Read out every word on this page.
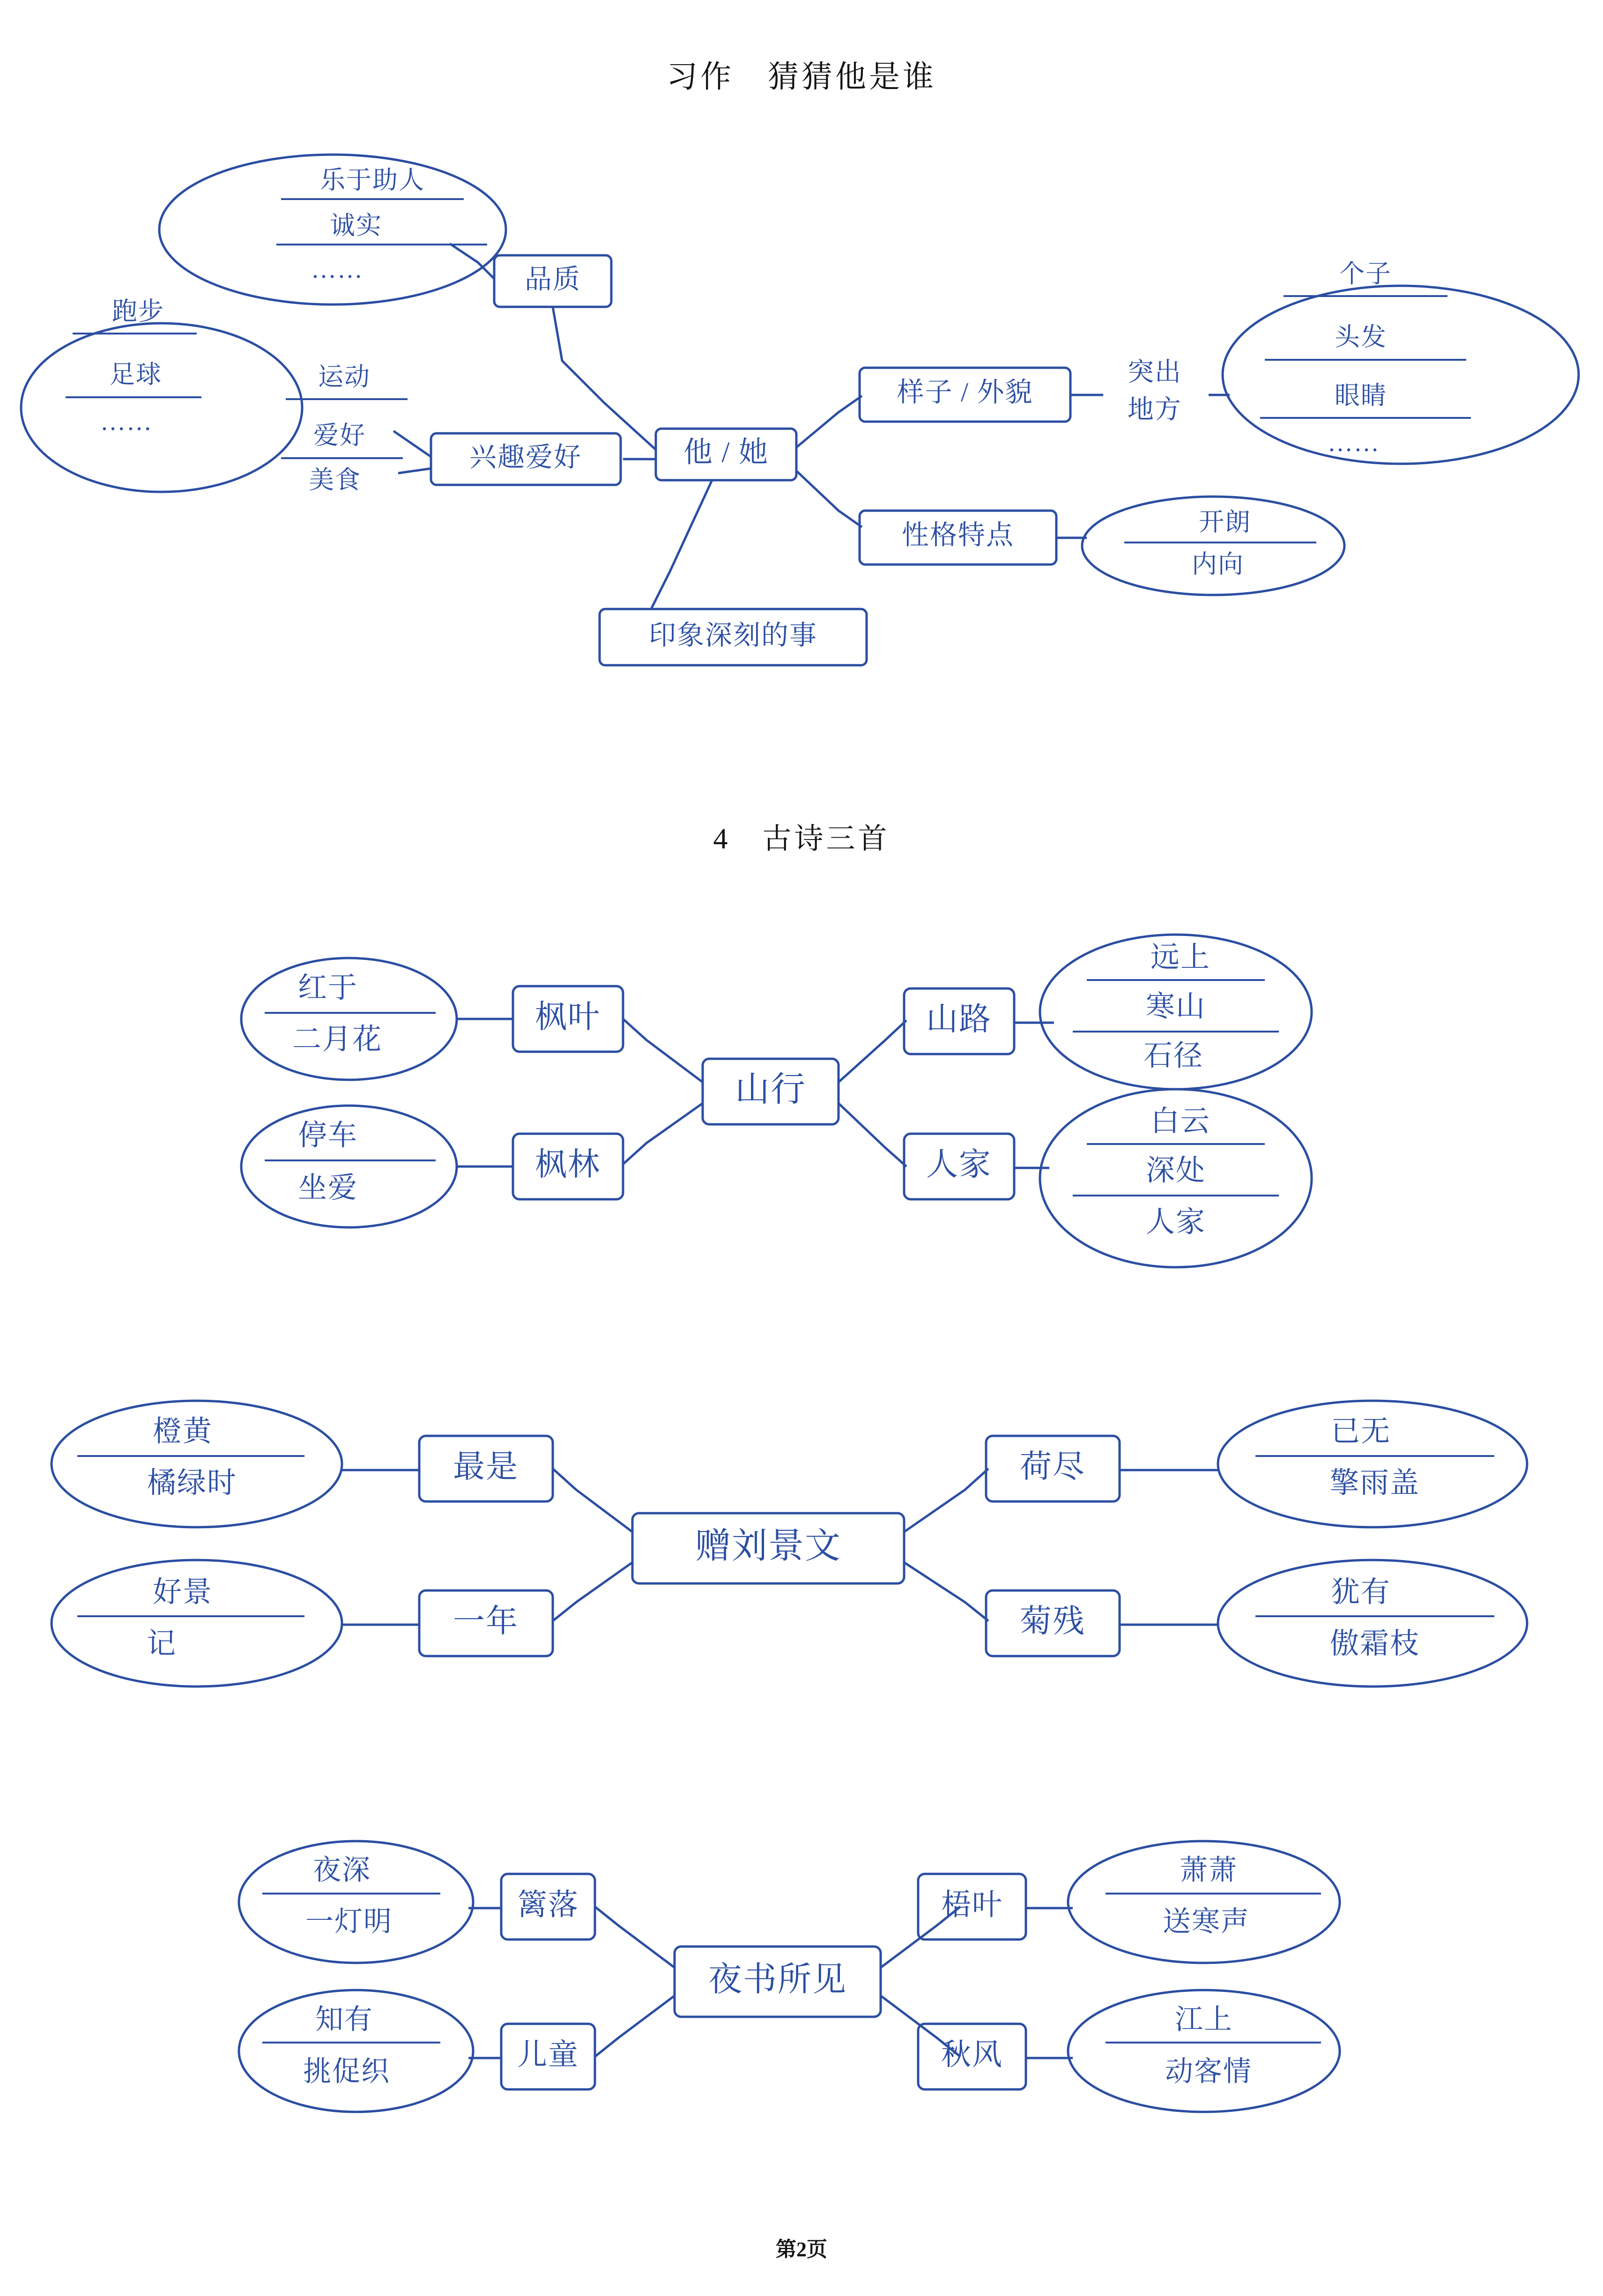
习作　猜猜他是谁
他 / 她
品质
乐于助人
诚实
……
兴趣爱好
运动
爱好
美食
跑步
足球
……
样子 / 外貌
突出
地方
个子
头发
眼睛
……
性格特点	开朗
内向
印象深刻的事
4　古诗三首
山行
枫叶
红于
二月花
枫林
停车
坐爱
山路
远上
寒山
石径
人家
白云
深处
人家
赠刘景文
最是
橙黄
橘绿时
一年
好景
记
荷尽
已无
擎雨盖
菊残
犹有
傲霜枝
夜书所见
篱落
夜深
一灯明
儿童
知有
挑促织
梧叶
萧萧
送寒声
秋风
江上
动客情
第2页
